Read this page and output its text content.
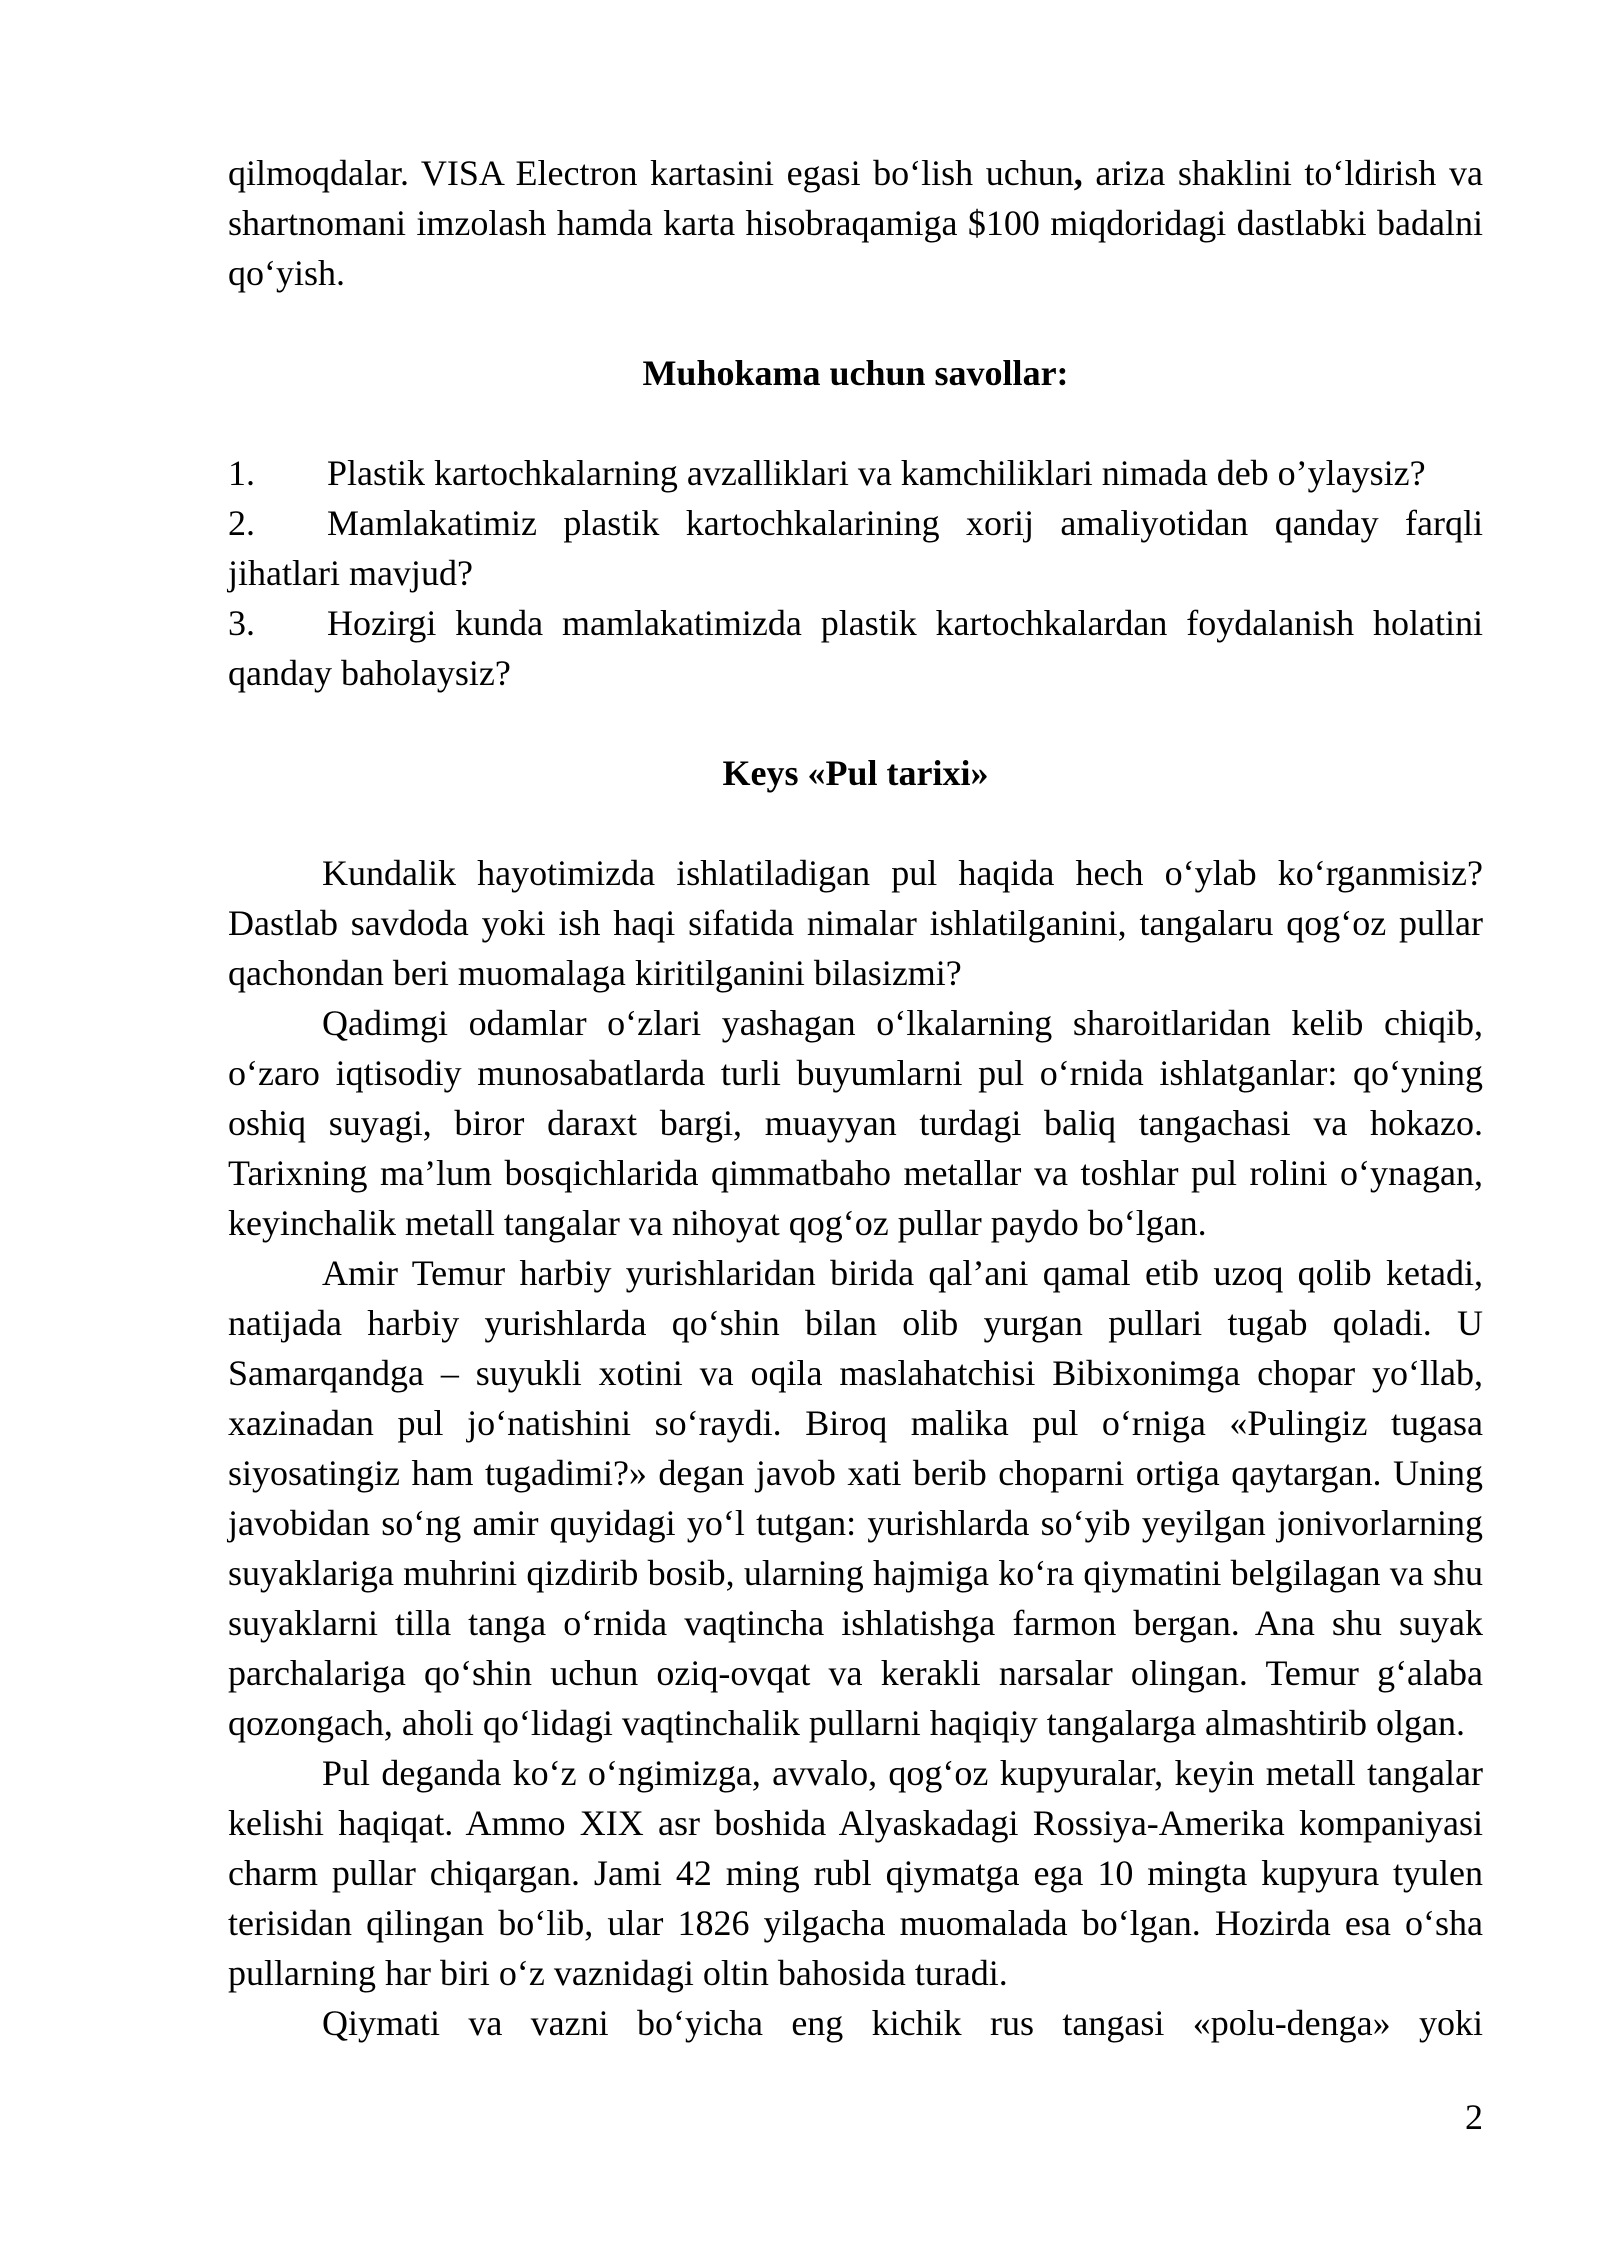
qilmoqdalar. VISA Electron kartasini egasi boʻlish uchun, ariza shaklini toʻldirish va shartnomani imzolash hamda karta hisobraqamiga $100 miqdoridagi dastlabki badalni qoʻyish.

Muhokama uchun savollar:

1. Plastik kartochkalarning avzalliklari va kamchiliklari nimada deb o’ylaysiz?

2. Mamlakatimiz plastik kartochkalarining xorij amaliyotidan qanday farqli jihatlari mavjud?

3. Hozirgi kunda mamlakatimizda plastik kartochkalardan foydalanish holatini qanday baholaysiz?

Keys «Pul tarixi»

Kundalik hayotimizda ishlatiladigan pul haqida hech oʻylab koʻrganmisiz? Dastlab savdoda yoki ish haqi sifatida nimalar ishlatilganini, tangalaru qogʻoz pullar qachondan beri muomalaga kiritilganini bilasizmi?

Qadimgi odamlar oʻzlari yashagan oʻlkalarning sharoitlaridan kelib chiqib, oʻzaro iqtisodiy munosabatlarda turli buyumlarni pul oʻrnida ishlatganlar: qoʻyning oshiq suyagi, biror daraxt bargi, muayyan turdagi baliq tangachasi va hokazo. Tarixning ma’lum bosqichlarida qimmatbaho metallar va toshlar pul rolini oʻynagan, keyinchalik metall tangalar va nihoyat qogʻoz pullar paydo boʻlgan.

Amir Temur harbiy yurishlaridan birida qal’ani qamal etib uzoq qolib ketadi, natijada harbiy yurishlarda qoʻshin bilan olib yurgan pullari tugab qoladi. U Samarqandga – suyukli xotini va oqila maslahatchisi Bibixonimga chopar yoʻllab, xazinadan pul joʻnatishini soʻraydi. Biroq malika pul oʻrniga «Pulingiz tugasa siyosatingiz ham tugadimi?» degan javob xati berib choparni ortiga qaytargan. Uning javobidan soʻng amir quyidagi yoʻl tutgan: yurishlarda soʻyib yeyilgan jonivorlarning suyaklariga muhrini qizdirib bosib, ularning hajmiga koʻra qiymatini belgilagan va shu suyaklarni tilla tanga oʻrnida vaqtincha ishlatishga farmon bergan. Ana shu suyak parchalariga qoʻshin uchun oziq-ovqat va kerakli narsalar olingan. Temur gʻalaba qozongach, aholi qoʻlidagi vaqtinchalik pullarni haqiqiy tangalarga almashtirib olgan.

Pul deganda koʻz oʻngimizga, avvalo, qogʻoz kupyuralar, keyin metall tangalar kelishi haqiqat. Ammo XIX asr boshida Alyaskadagi Rossiya-Amerika kompaniyasi charm pullar chiqargan. Jami 42 ming rubl qiymatga ega 10 mingta kupyura tyulen terisidan qilingan boʻlib, ular 1826 yilgacha muomalada boʻlgan. Hozirda esa oʻsha pullarning har biri oʻz vaznidagi oltin bahosida turadi.

Qiymati va vazni boʻyicha eng kichik rus tangasi «polu-denga» yoki

2
